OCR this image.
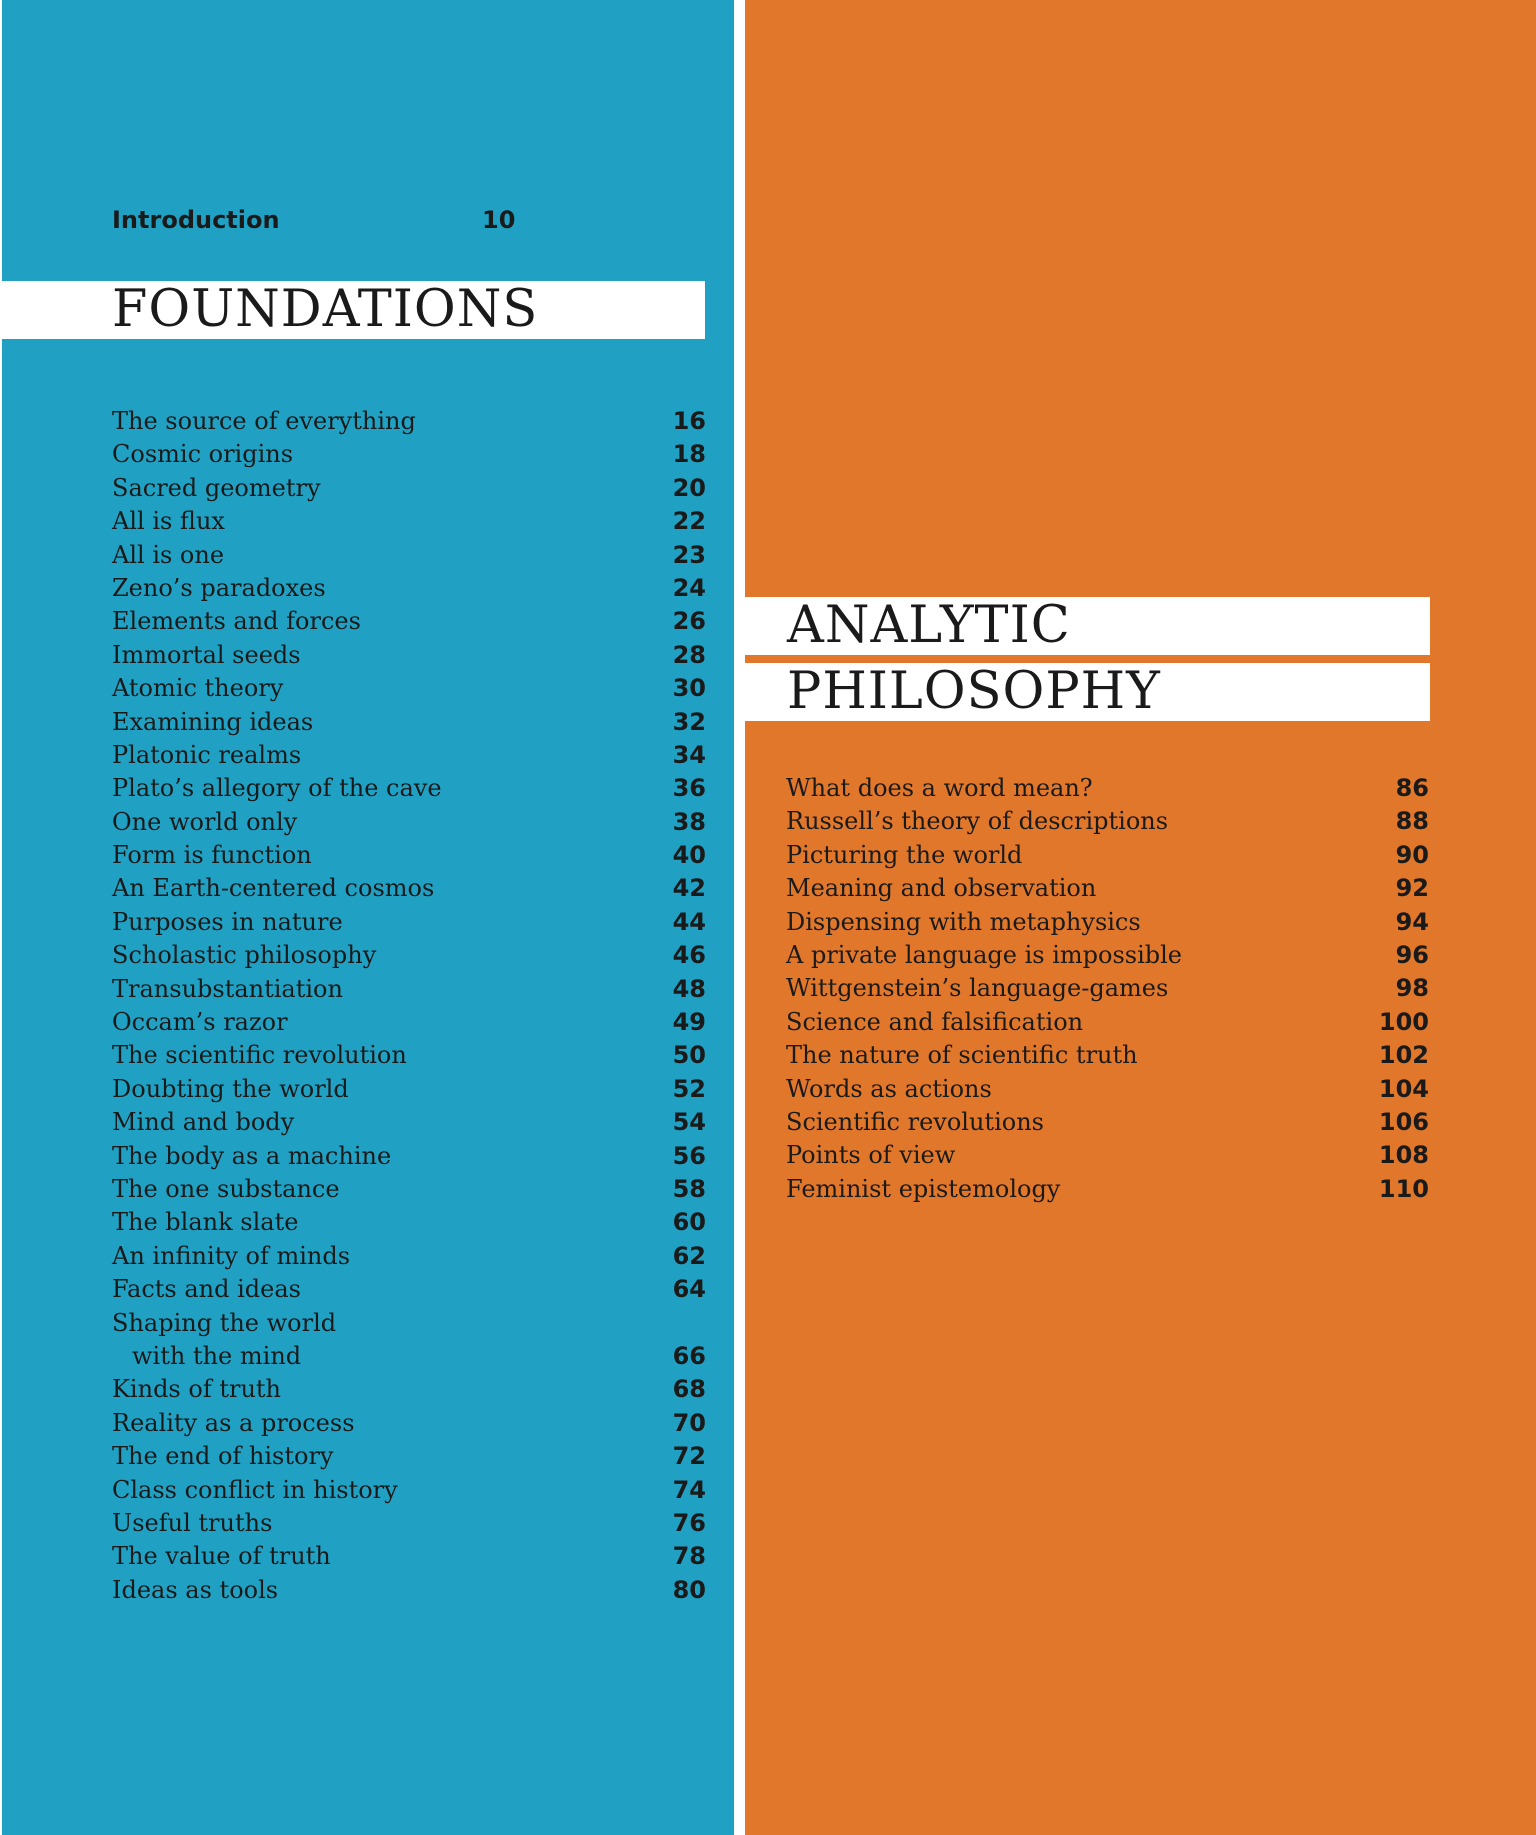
Introduction	10
FOUNDATIONS
The source of everything	16
Cosmic origins	18
Sacred geometry	20
All is flux	22
All is one	23
Zeno’s paradoxes	24
Elements and forces	26
Immortal seeds	28
Atomic theory	30
Examining ideas	32
Platonic realms	34
Plato’s allegory of the cave	36
One world only	38
Form is function	40
An Earth-centered cosmos	42
Purposes in nature	44
Scholastic philosophy	46
Transubstantiation	48
Occam’s razor	49
The scientific revolution	50
Doubting the world	52
Mind and body	54
The body as a machine	56
The one substance	58
The blank slate	60
An infinity of minds	62
Facts and ideas	64
Shaping the world
with the mind	66
Kinds of truth	68
Reality as a process	70
The end of history	72
Class conflict in history	74
Useful truths	76
The value of truth	78
Ideas as tools	80
ANALYTIC
PHILOSOPHY
What does a word mean?	86
Russell’s theory of descriptions	88
Picturing the world	90
Meaning and observation	92
Dispensing with metaphysics	94
A private language is impossible	96
Wittgenstein’s language-games	98
Science and falsification	100
The nature of scientific truth	102
Words as actions	104
Scientific revolutions	106
Points of view	108
Feminist epistemology	110
